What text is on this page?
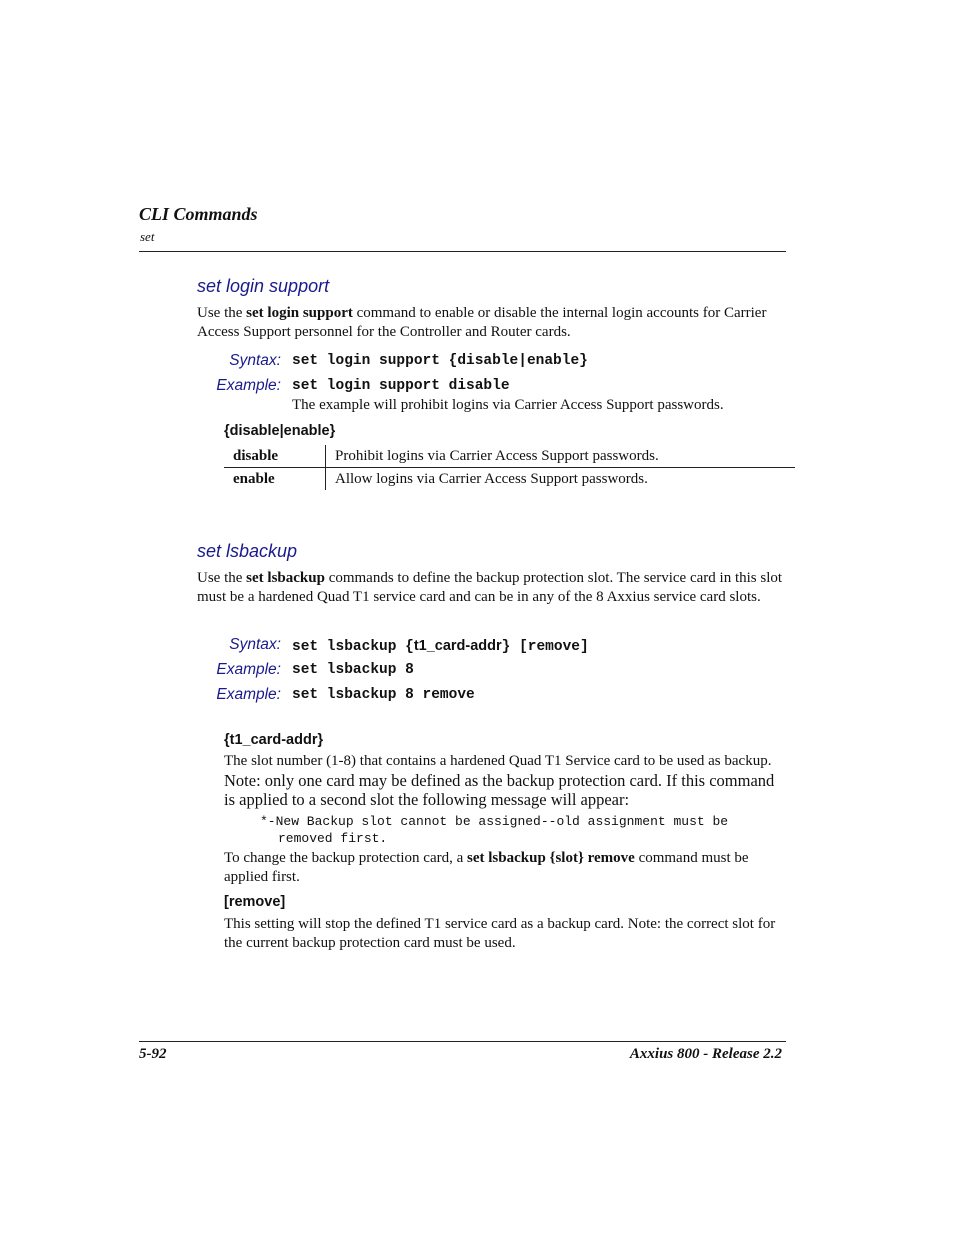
CLI Commands
set
set login support
Use the set login support command to enable or disable the internal login accounts for Carrier Access Support personnel for the Controller and Router cards.
Syntax: set login support {disable|enable}
Example: set login support disable
The example will prohibit logins via Carrier Access Support passwords.
{disable|enable}
disable	Prohibit logins via Carrier Access Support passwords.
enable	Allow logins via Carrier Access Support passwords.
set lsbackup
Use the set lsbackup commands to define the backup protection slot. The service card in this slot must be a hardened Quad T1 service card and can be in any of the 8 Axxius service card slots.
Syntax: set lsbackup {t1_card-addr} [remove]
Example: set lsbackup 8
Example: set lsbackup 8 remove
{t1_card-addr}
The slot number (1-8) that contains a hardened Quad T1 Service card to be used as backup.
Note: only one card may be defined as the backup protection card. If this command is applied to a second slot the following message will appear:
*-New Backup slot cannot be assigned--old assignment must be
removed first.
To change the backup protection card, a set lsbackup {slot} remove command must be applied first.
[remove]
This setting will stop the defined T1 service card as a backup card. Note: the correct slot for the current backup protection card must be used.
5-92	Axxius 800 - Release 2.2
